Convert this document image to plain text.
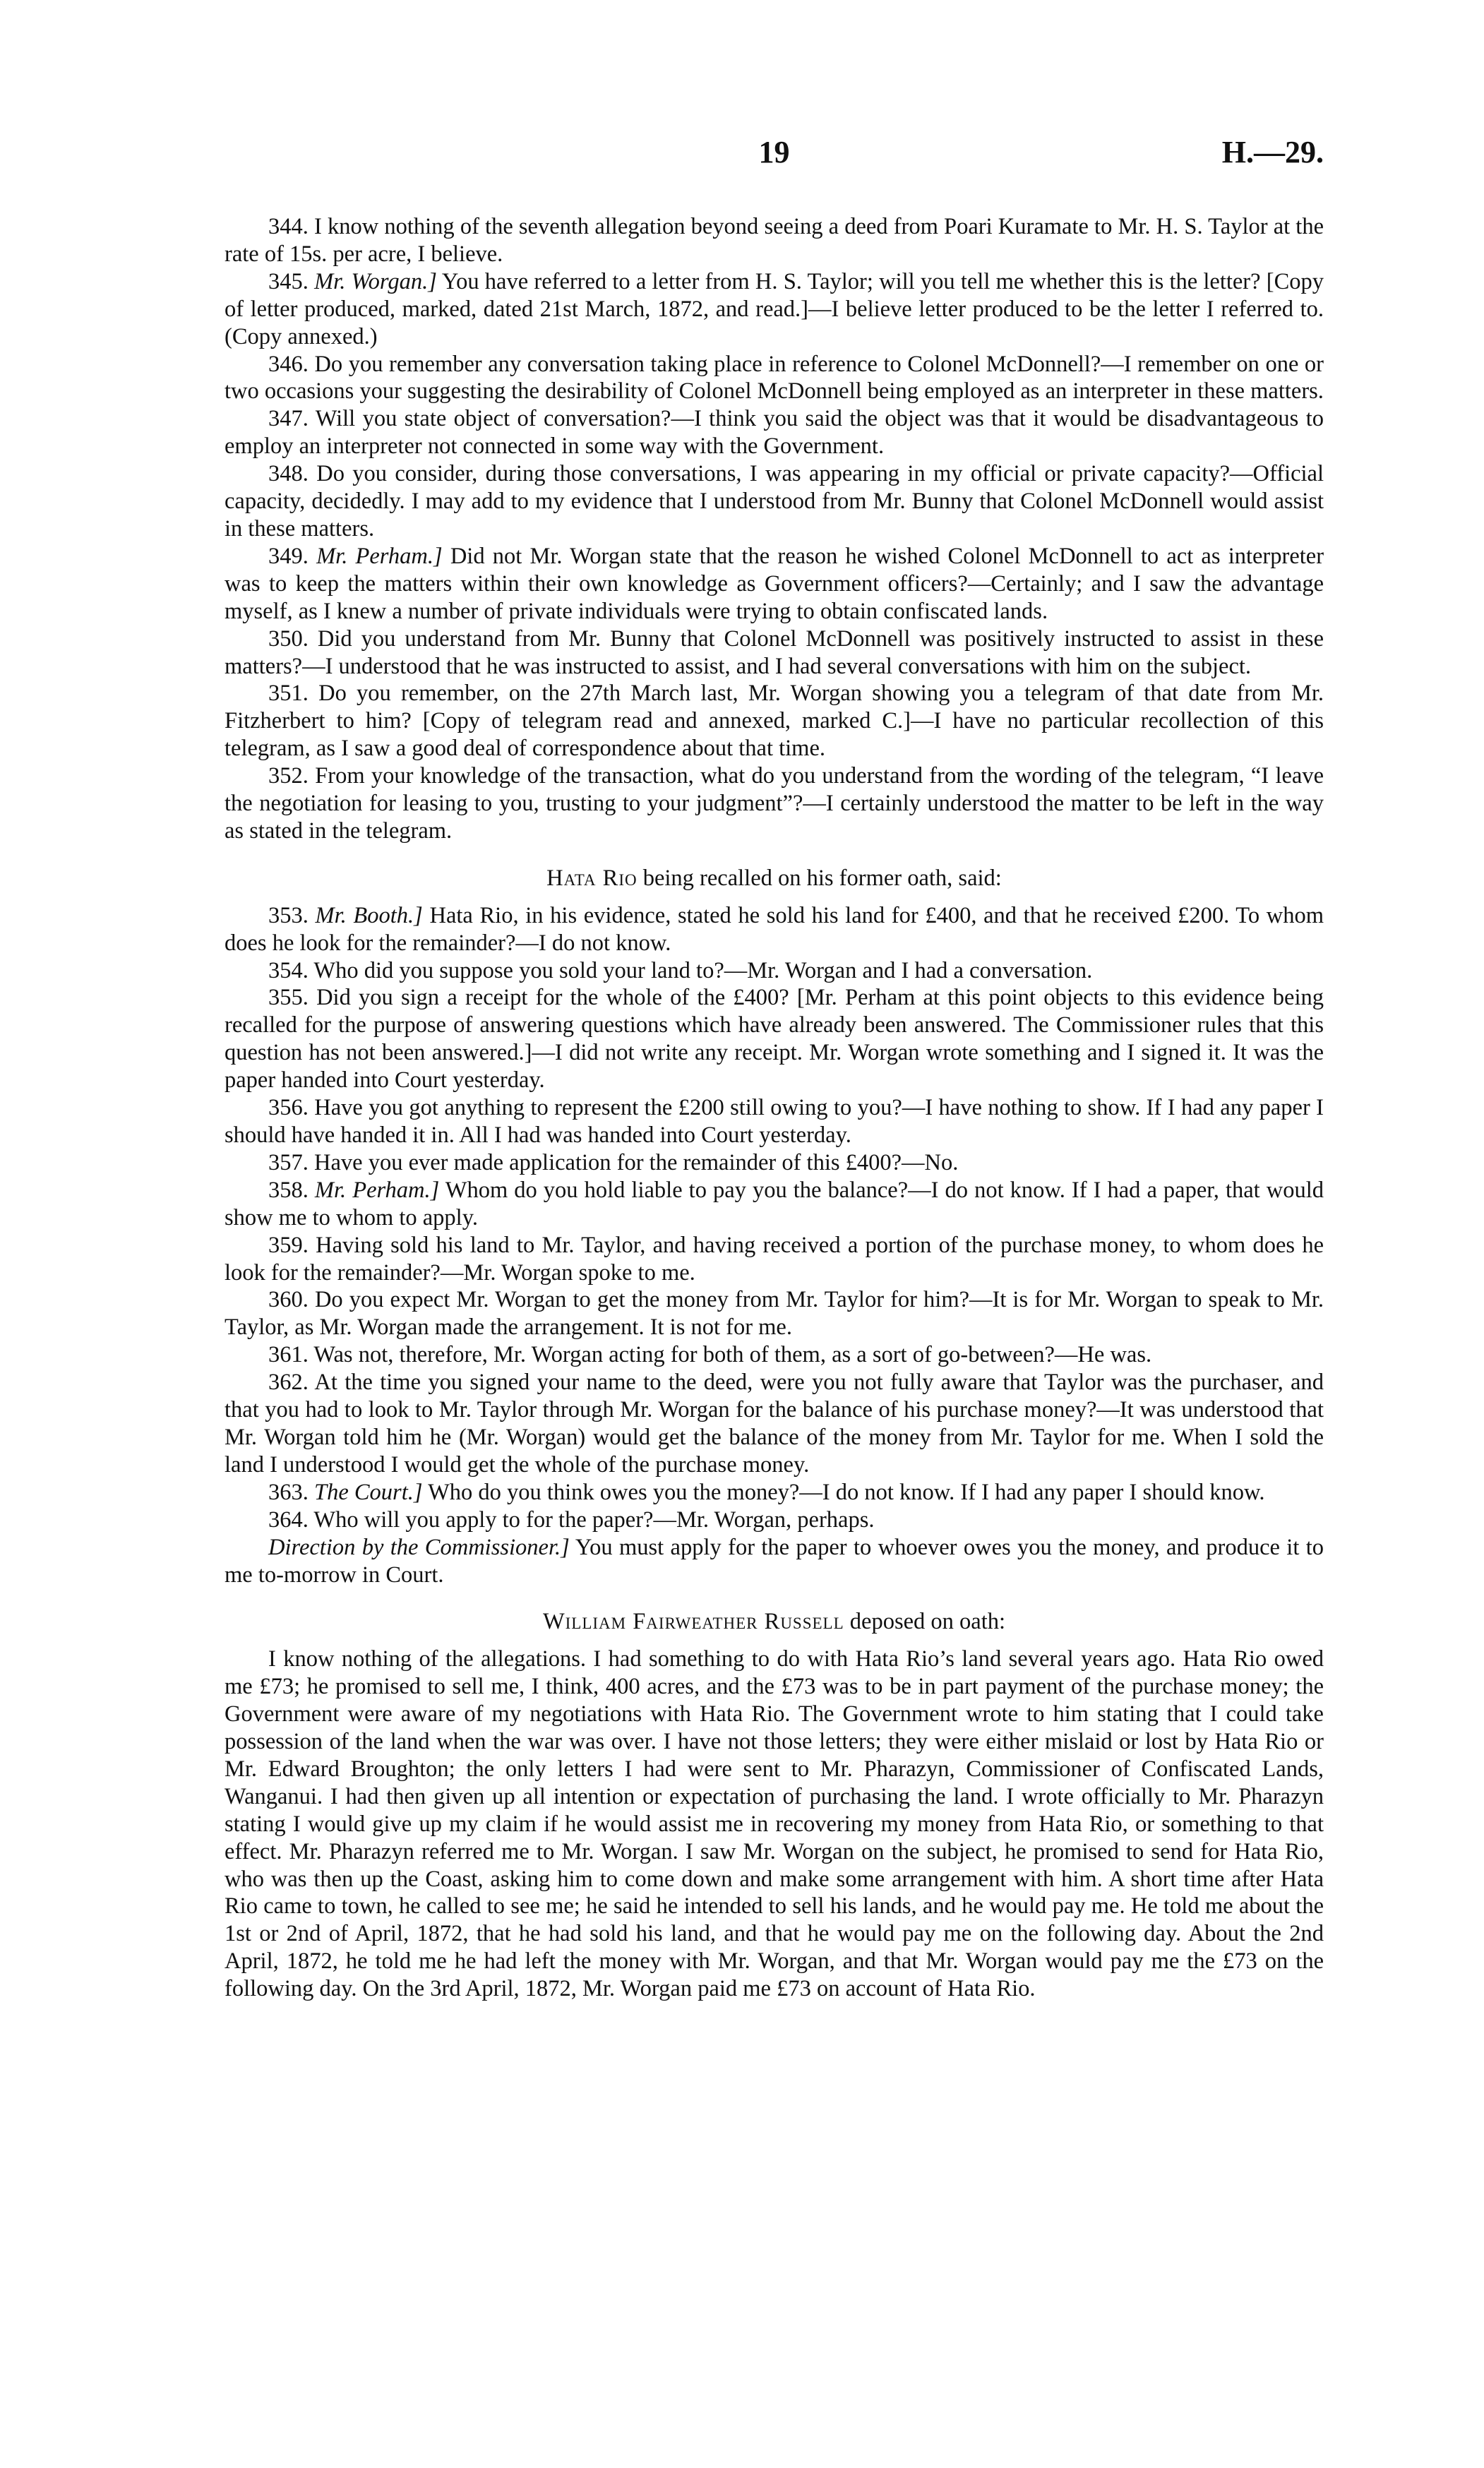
19	H.—29.

344. I know nothing of the seventh allegation beyond seeing a deed from Poari Kuramate to Mr. H. S. Taylor at the rate of 15s. per acre, I believe.

345. Mr. Worgan.] You have referred to a letter from H. S. Taylor; will you tell me whether this is the letter? [Copy of letter produced, marked, dated 21st March, 1872, and read.]—I believe letter produced to be the letter I referred to. (Copy annexed.)

346. Do you remember any conversation taking place in reference to Colonel McDonnell?—I remember on one or two occasions your suggesting the desirability of Colonel McDonnell being employed as an interpreter in these matters.

347. Will you state object of conversation?—I think you said the object was that it would be disadvantageous to employ an interpreter not connected in some way with the Government.

348. Do you consider, during those conversations, I was appearing in my official or private capacity?—Official capacity, decidedly. I may add to my evidence that I understood from Mr. Bunny that Colonel McDonnell would assist in these matters.

349. Mr. Perham.] Did not Mr. Worgan state that the reason he wished Colonel McDonnell to act as interpreter was to keep the matters within their own knowledge as Government officers?—Certainly; and I saw the advantage myself, as I knew a number of private individuals were trying to obtain confiscated lands.

350. Did you understand from Mr. Bunny that Colonel McDonnell was positively instructed to assist in these matters?—I understood that he was instructed to assist, and I had several conversations with him on the subject.

351. Do you remember, on the 27th March last, Mr. Worgan showing you a telegram of that date from Mr. Fitzherbert to him? [Copy of telegram read and annexed, marked C.]—I have no particular recollection of this telegram, as I saw a good deal of correspondence about that time.

352. From your knowledge of the transaction, what do you understand from the wording of the telegram, “I leave the negotiation for leasing to you, trusting to your judgment”?—I certainly understood the matter to be left in the way as stated in the telegram.

Hata Rio being recalled on his former oath, said:

353. Mr. Booth.] Hata Rio, in his evidence, stated he sold his land for £400, and that he received £200. To whom does he look for the remainder?—I do not know.

354. Who did you suppose you sold your land to?—Mr. Worgan and I had a conversation.

355. Did you sign a receipt for the whole of the £400? [Mr. Perham at this point objects to this evidence being recalled for the purpose of answering questions which have already been answered. The Commissioner rules that this question has not been answered.]—I did not write any receipt. Mr. Worgan wrote something and I signed it. It was the paper handed into Court yesterday.

356. Have you got anything to represent the £200 still owing to you?—I have nothing to show. If I had any paper I should have handed it in. All I had was handed into Court yesterday.

357. Have you ever made application for the remainder of this £400?—No.

358. Mr. Perham.] Whom do you hold liable to pay you the balance?—I do not know. If I had a paper, that would show me to whom to apply.

359. Having sold his land to Mr. Taylor, and having received a portion of the purchase money, to whom does he look for the remainder?—Mr. Worgan spoke to me.

360. Do you expect Mr. Worgan to get the money from Mr. Taylor for him?—It is for Mr. Worgan to speak to Mr. Taylor, as Mr. Worgan made the arrangement. It is not for me.

361. Was not, therefore, Mr. Worgan acting for both of them, as a sort of go-between?—He was.

362. At the time you signed your name to the deed, were you not fully aware that Taylor was the purchaser, and that you had to look to Mr. Taylor through Mr. Worgan for the balance of his purchase money?—It was understood that Mr. Worgan told him he (Mr. Worgan) would get the balance of the money from Mr. Taylor for me. When I sold the land I understood I would get the whole of the purchase money.

363. The Court.] Who do you think owes you the money?—I do not know. If I had any paper I should know.

364. Who will you apply to for the paper?—Mr. Worgan, perhaps.

Direction by the Commissioner.] You must apply for the paper to whoever owes you the money, and produce it to me to-morrow in Court.

William Fairweather Russell deposed on oath:

I know nothing of the allegations. I had something to do with Hata Rio’s land several years ago. Hata Rio owed me £73; he promised to sell me, I think, 400 acres, and the £73 was to be in part payment of the purchase money; the Government were aware of my negotiations with Hata Rio. The Government wrote to him stating that I could take possession of the land when the war was over. I have not those letters; they were either mislaid or lost by Hata Rio or Mr. Edward Broughton; the only letters I had were sent to Mr. Pharazyn, Commissioner of Confiscated Lands, Wanganui. I had then given up all intention or expectation of purchasing the land. I wrote officially to Mr. Pharazyn stating I would give up my claim if he would assist me in recovering my money from Hata Rio, or something to that effect. Mr. Pharazyn referred me to Mr. Worgan. I saw Mr. Worgan on the subject, he promised to send for Hata Rio, who was then up the Coast, asking him to come down and make some arrangement with him. A short time after Hata Rio came to town, he called to see me; he said he intended to sell his lands, and he would pay me. He told me about the 1st or 2nd of April, 1872, that he had sold his land, and that he would pay me on the following day. About the 2nd April, 1872, he told me he had left the money with Mr. Worgan, and that Mr. Worgan would pay me the £73 on the following day. On the 3rd April, 1872, Mr. Worgan paid me £73 on account of Hata Rio.
